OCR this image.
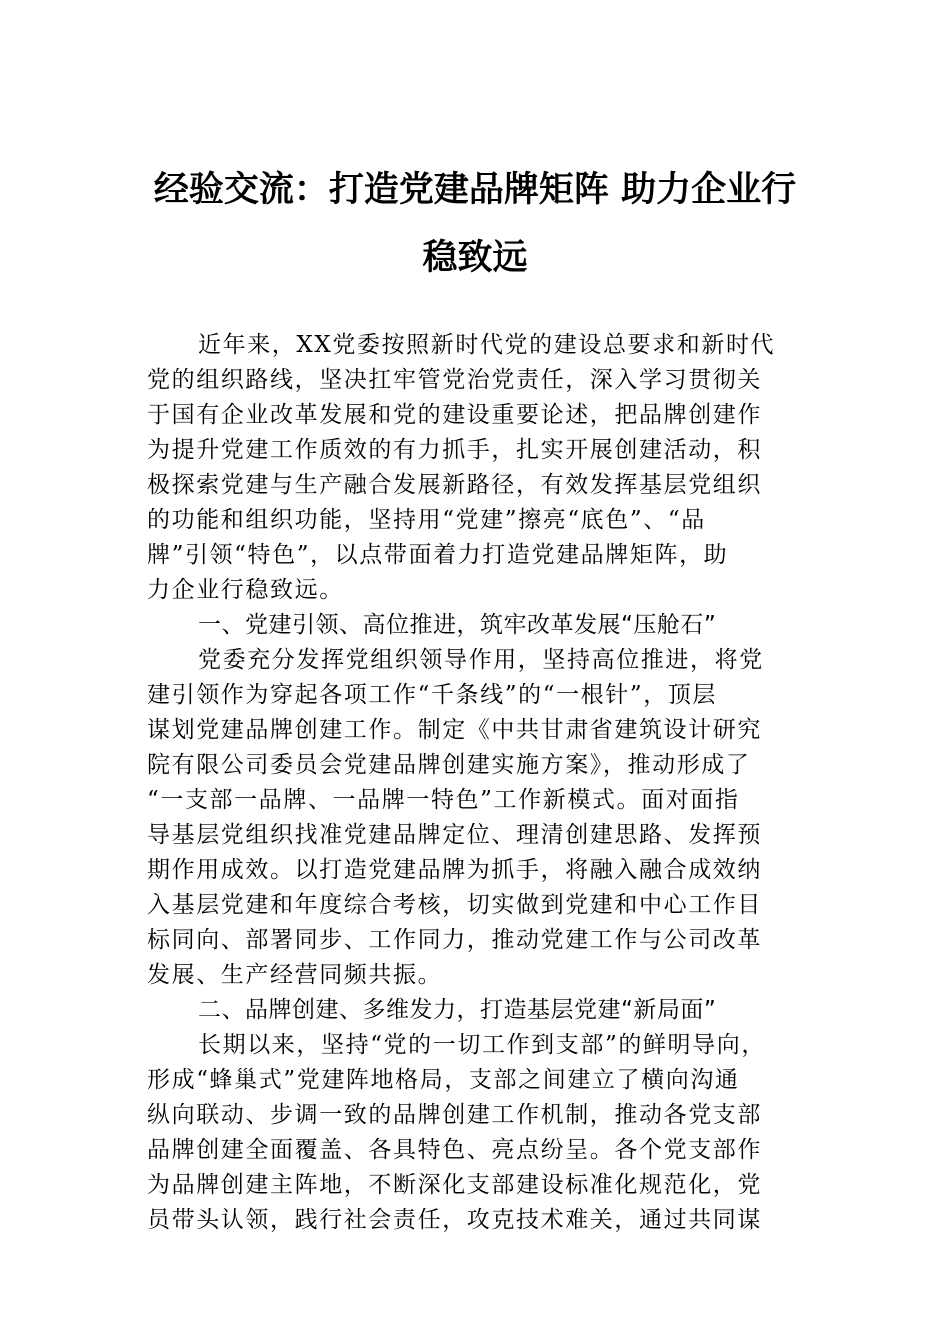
经验交流：打造党建品牌矩阵 助力企业行
稳致远
近年来，XX党委按照新时代党的建设总要求和新时代
党的组织路线，坚决扛牢管党治党责任，深入学习贯彻关
于国有企业改革发展和党的建设重要论述，把品牌创建作
为提升党建工作质效的有力抓手，扎实开展创建活动，积
极探索党建与生产融合发展新路径，有效发挥基层党组织
的功能和组织功能，坚持用“党建”擦亮“底色”、“品
牌”引领“特色”，以点带面着力打造党建品牌矩阵，助
力企业行稳致远。
一、党建引领、高位推进，筑牢改革发展“压舱石”
党委充分发挥党组织领导作用，坚持高位推进，将党
建引领作为穿起各项工作“千条线”的“一根针”，顶层
谋划党建品牌创建工作。制定《中共甘肃省建筑设计研究
院有限公司委员会党建品牌创建实施方案》，推动形成了
“一支部一品牌、一品牌一特色”工作新模式。面对面指
导基层党组织找准党建品牌定位、理清创建思路、发挥预
期作用成效。以打造党建品牌为抓手，将融入融合成效纳
入基层党建和年度综合考核，切实做到党建和中心工作目
标同向、部署同步、工作同力，推动党建工作与公司改革
发展、生产经营同频共振。
二、品牌创建、多维发力，打造基层党建“新局面”
长期以来，坚持“党的一切工作到支部”的鲜明导向，
形成“蜂巢式”党建阵地格局，支部之间建立了横向沟通
纵向联动、步调一致的品牌创建工作机制，推动各党支部
品牌创建全面覆盖、各具特色、亮点纷呈。各个党支部作
为品牌创建主阵地，不断深化支部建设标准化规范化，党
员带头认领，践行社会责任，攻克技术难关，通过共同谋
